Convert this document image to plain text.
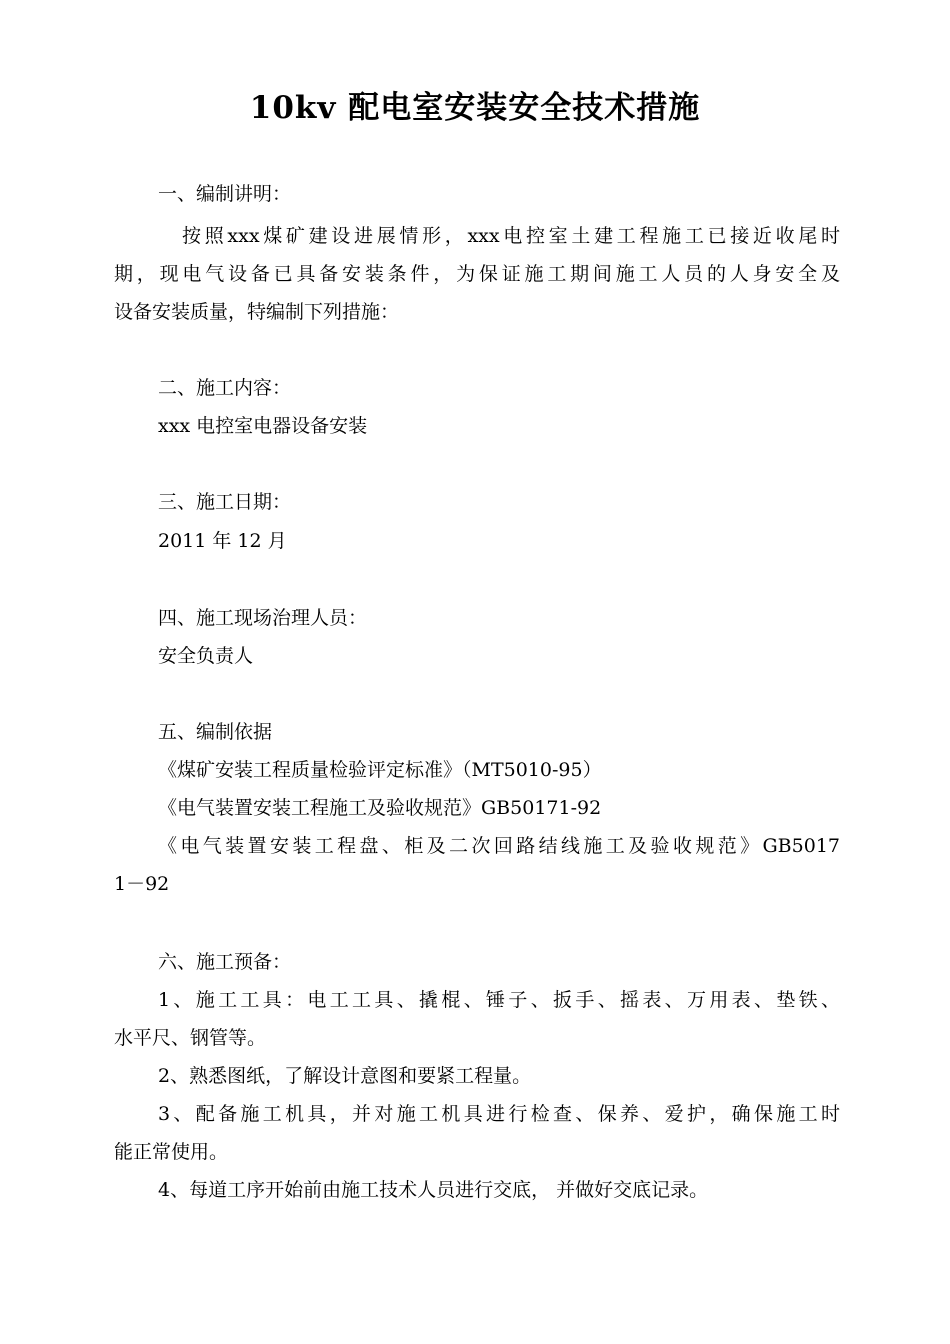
10kv 配电室安装安全技术措施
一、编制讲明：
按照xxx煤矿建设进展情形，xxx电控室土建工程施工已接近收尾时
期，现电气设备已具备安装条件，为保证施工期间施工人员的人身安全及
设备安装质量，特编制下列措施：
二、施工内容：
xxx 电控室电器设备安装
三、施工日期：
2011 年 12 月
四、施工现场治理人员：
安全负责人
五、编制依据
《煤矿安装工程质量检验评定标准》（MT5010-95）
《电气装置安装工程施工及验收规范》GB50171-92
《电气装置安装工程盘、柜及二次回路结线施工及验收规范》GB5017
1－92
六、施工预备：
1、施工工具：电工工具、撬棍、锤子、扳手、摇表、万用表、垫铁、
水平尺、钢管等。
2、熟悉图纸，了解设计意图和要紧工程量。
3、配备施工机具，并对施工机具进行检查、保养、爱护，确保施工时
能正常使用。
4、每道工序开始前由施工技术人员进行交底， 并做好交底记录。
